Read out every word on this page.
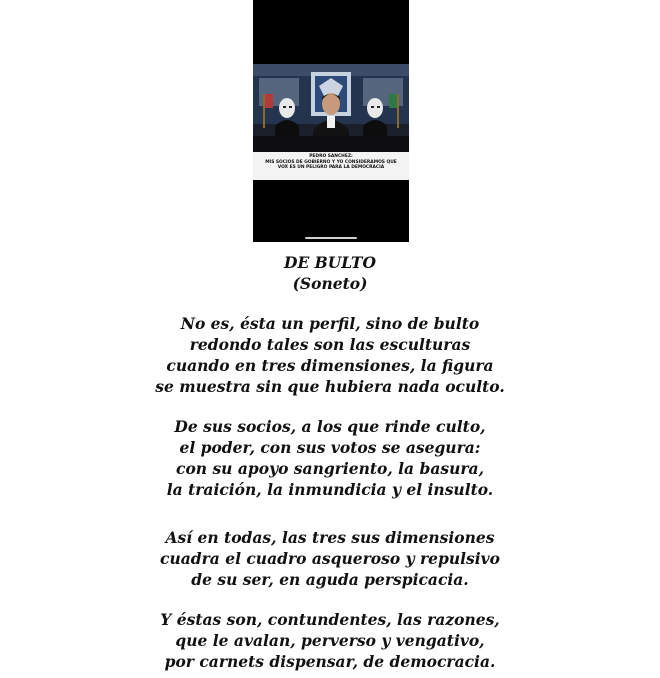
PEDRO SANCHEZ:
MIS SOCIOS DE GOBIERNO Y YO CONSIDERAMOS QUE
VOX ES UN PELIGRO PARA LA DEMOCRACIA
DE BULTO
(Soneto)
No es, ésta un perfil, sino de bulto
redondo tales son las esculturas
cuando en tres dimensiones, la figura
se muestra sin que hubiera nada oculto.
De sus socios, a los que rinde culto,
el poder, con sus votos se asegura:
con su apoyo sangriento, la basura,
la traición, la inmundicia y el insulto.
Así en todas, las tres sus dimensiones
cuadra el cuadro asqueroso y repulsivo
de su ser, en aguda perspicacia.
Y éstas son, contundentes, las razones,
que le avalan, perverso y vengativo,
por carnets dispensar, de democracia.
